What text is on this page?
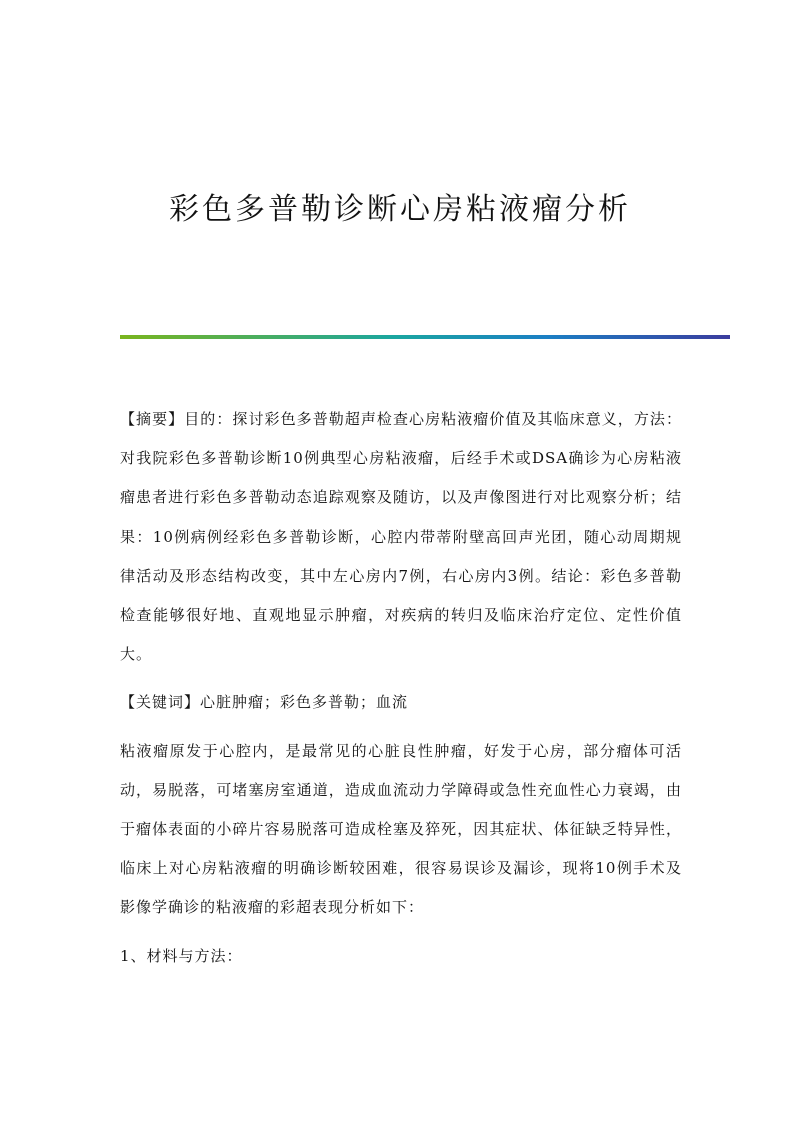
彩色多普勒诊断心房粘液瘤分析

【摘要】目的：探讨彩色多普勒超声检查心房粘液瘤价值及其临床意义，方法：对我院彩色多普勒诊断10例典型心房粘液瘤，后经手术或DSA确诊为心房粘液瘤患者进行彩色多普勒动态追踪观察及随访，以及声像图进行对比观察分析；结果：10例病例经彩色多普勒诊断，心腔内带蒂附壁高回声光团，随心动周期规律活动及形态结构改变，其中左心房内7例，右心房内3例。结论：彩色多普勒检查能够很好地、直观地显示肿瘤，对疾病的转归及临床治疗定位、定性价值大。

【关键词】心脏肿瘤；彩色多普勒；血流

粘液瘤原发于心腔内，是最常见的心脏良性肿瘤，好发于心房，部分瘤体可活动，易脱落，可堵塞房室通道，造成血流动力学障碍或急性充血性心力衰竭，由于瘤体表面的小碎片容易脱落可造成栓塞及猝死，因其症状、体征缺乏特异性，临床上对心房粘液瘤的明确诊断较困难，很容易误诊及漏诊，现将10例手术及影像学确诊的粘液瘤的彩超表现分析如下：

1、材料与方法：
